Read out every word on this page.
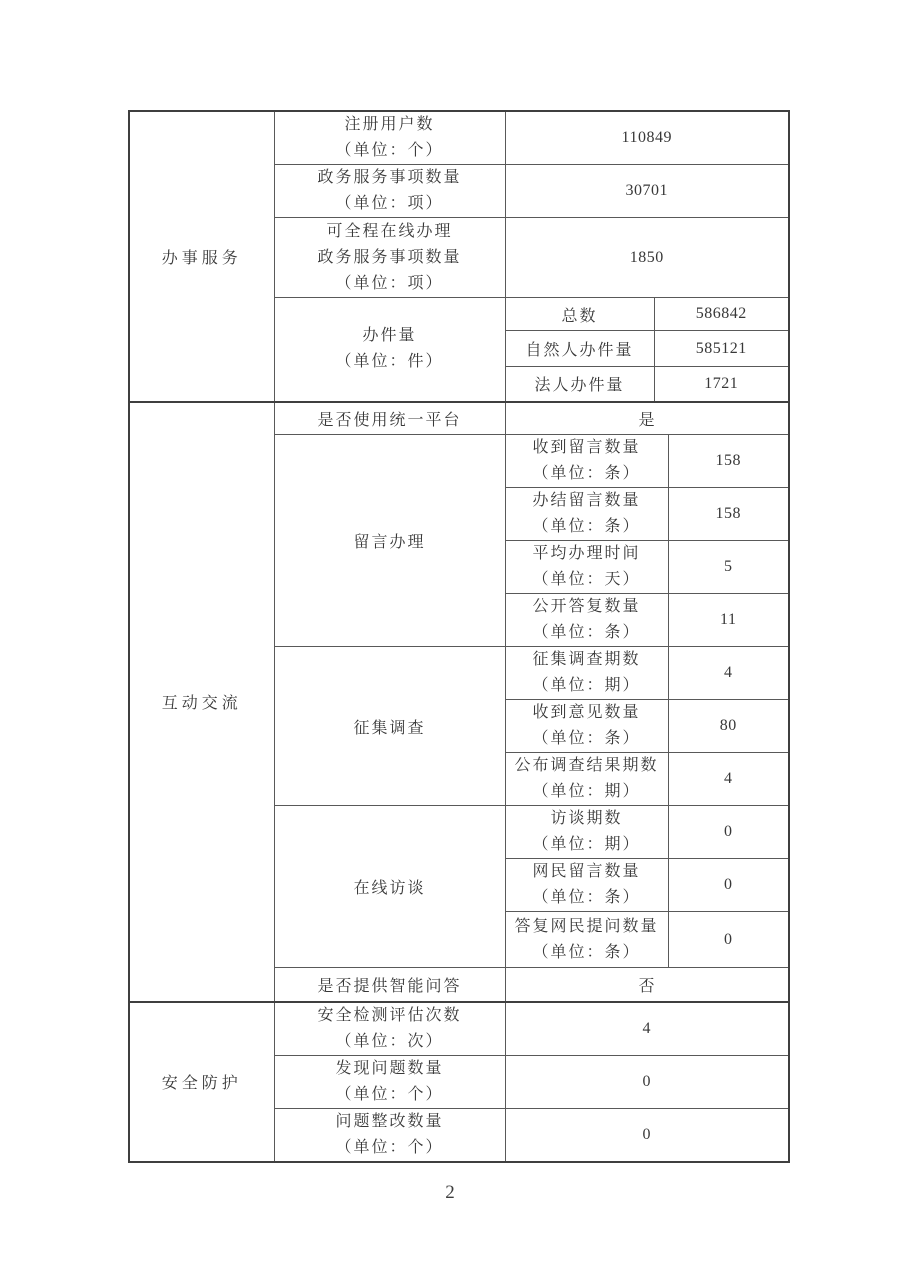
办事服务	注册用户数
（单位：个）	110849		

	政务服务事项数量
（单位：项）	30701		

	可全程在线办理
政务服务事项数量
（单位：项）	1850		

	办件量
（单位：件）	总数	586842	
		自然人办件量	585121	
		法人办件量	1721	
互动交流	是否使用统一平台	是		
	留言办理	收到留言数量
（单位：条）		158

		办结留言数量
（单位：条）		158

		平均办理时间
（单位：天）		5

		公开答复数量
（单位：条）		11
	征集调查	征集调查期数
（单位：期）		4

		收到意见数量
（单位：条）		80

		公布调查结果期数
（单位：期）		4
	在线访谈	访谈期数
（单位：期）		0

		网民留言数量
（单位：条）		0

		答复网民提问数量
（单位：条）		0
	是否提供智能问答	否		
安全防护	安全检测评估次数
（单位：次）	4		

	发现问题数量
（单位：个）	0		

	问题整改数量
（单位：个）	0		
2
